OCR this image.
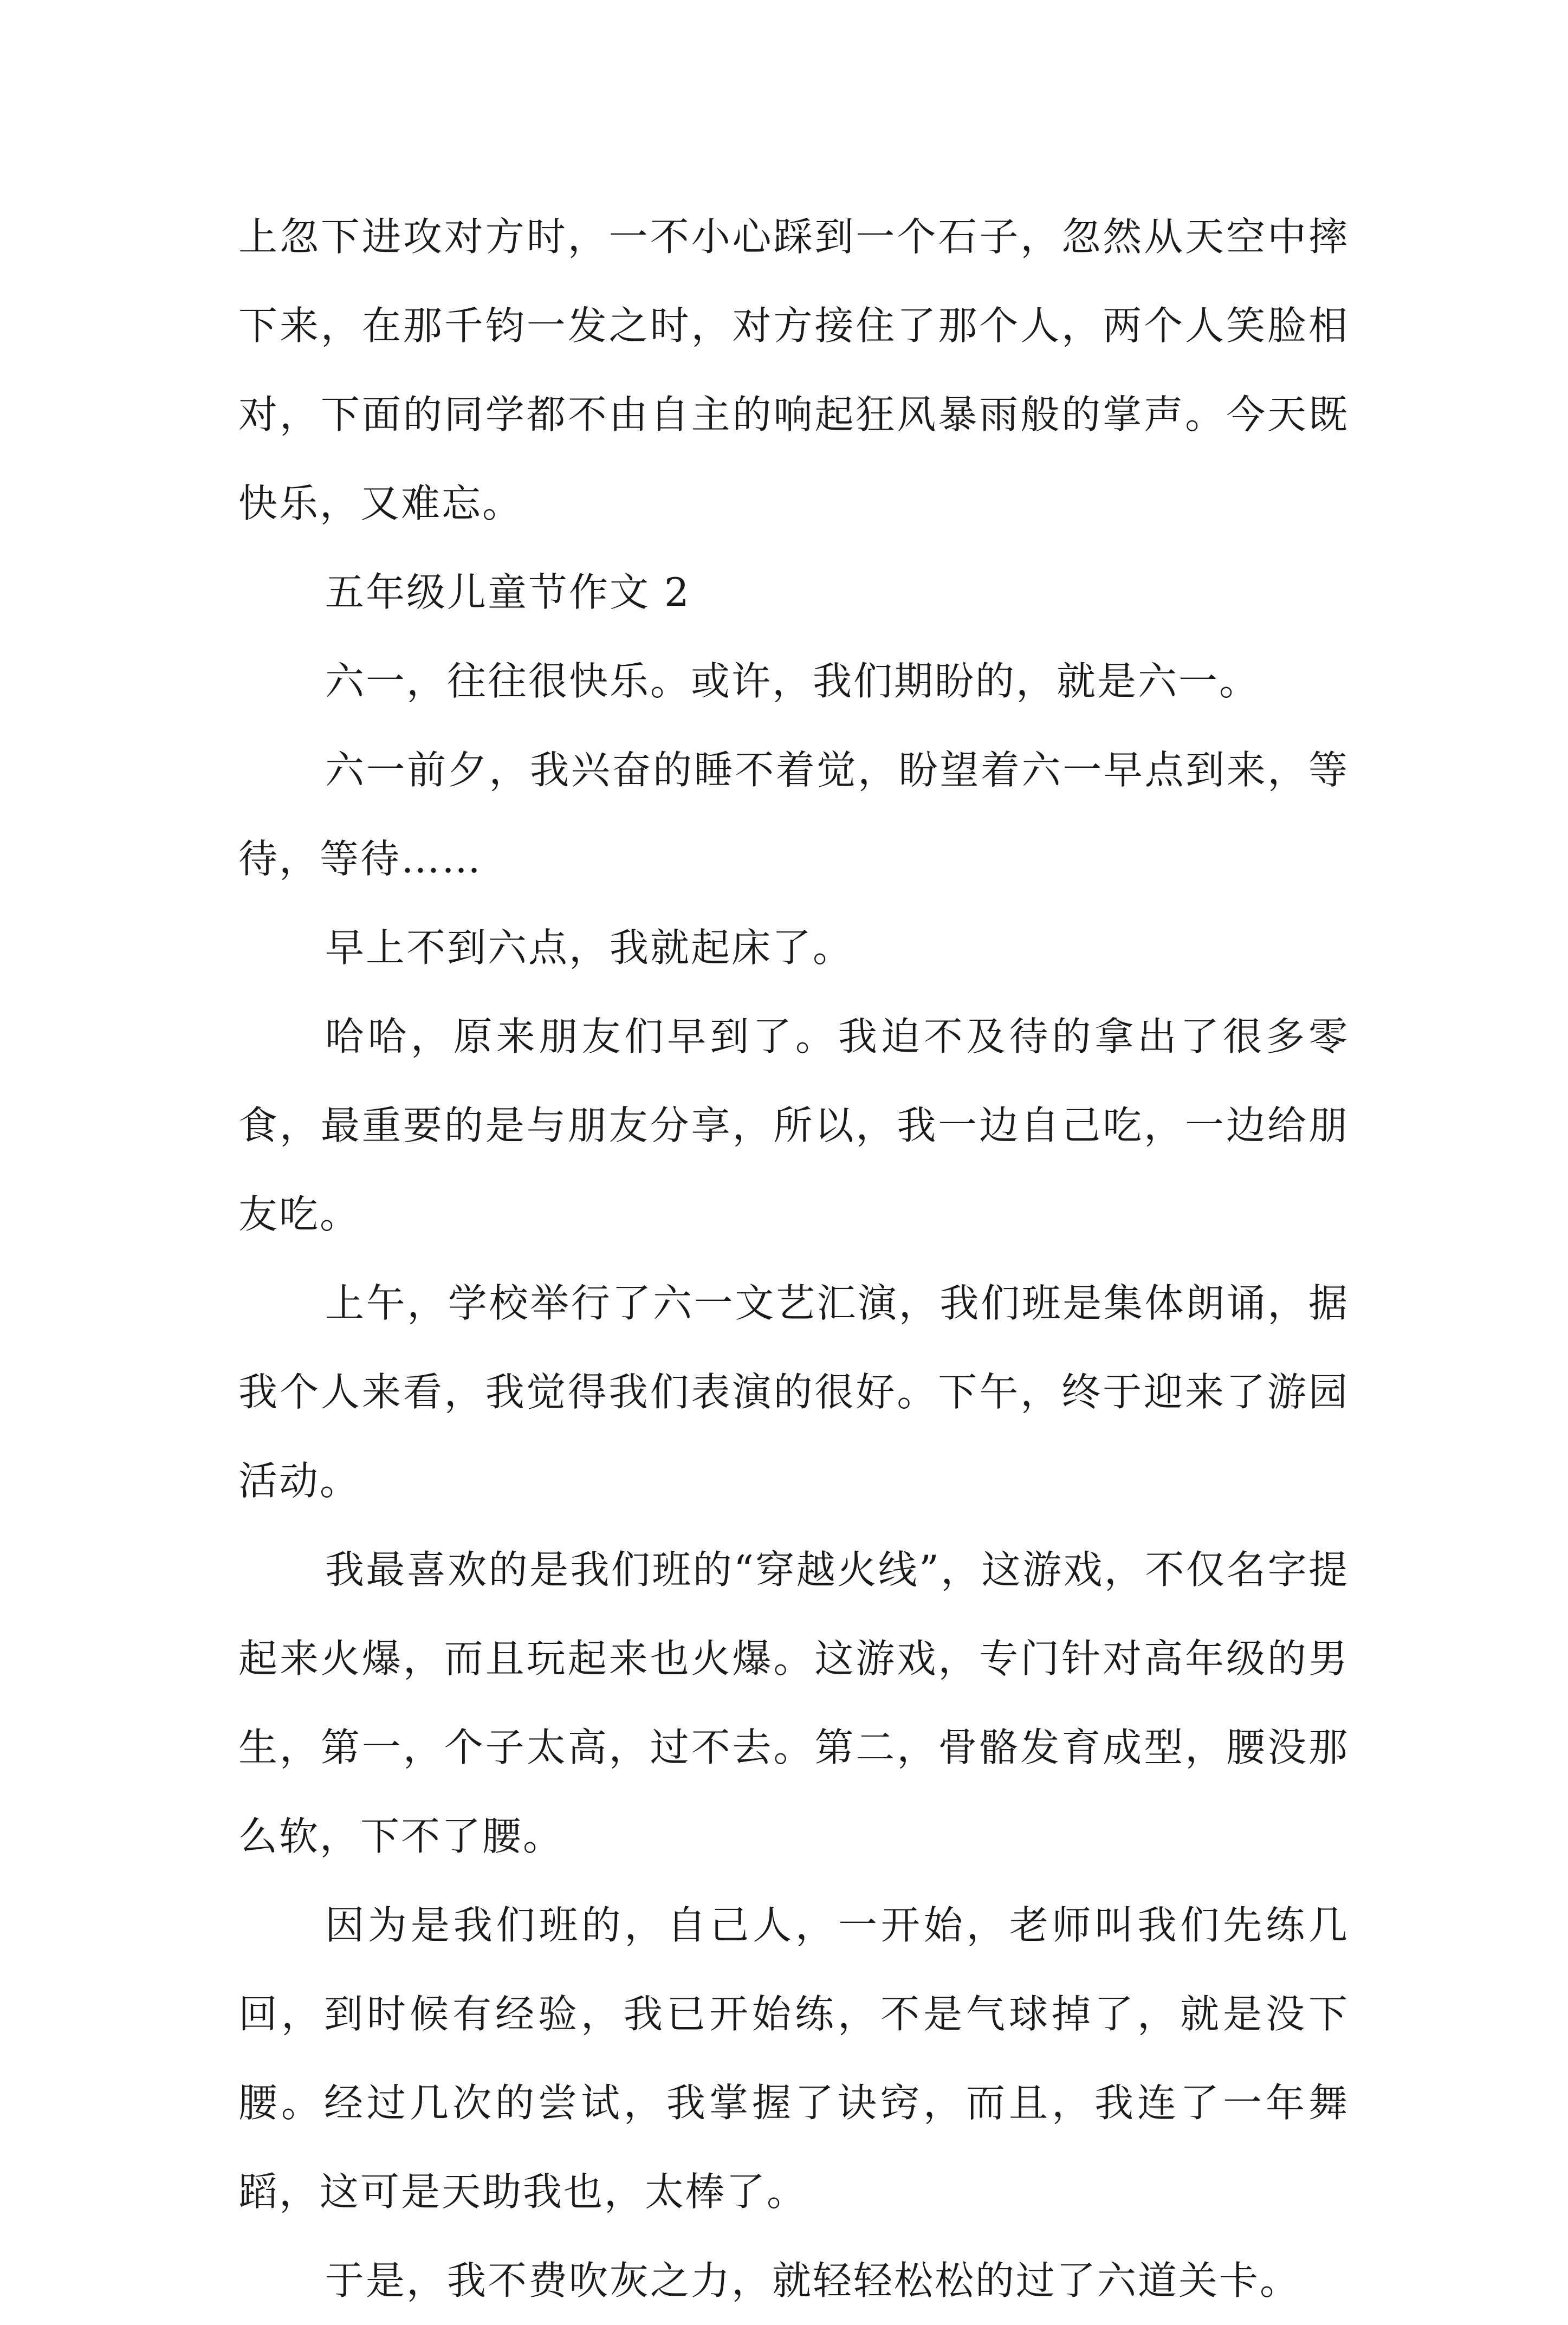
上忽下进攻对方时，一不小心踩到一个石子，忽然从天空中摔下来，在那千钧一发之时，对方接住了那个人，两个人笑脸相对，下面的同学都不由自主的响起狂风暴雨般的掌声。今天既快乐，又难忘。

五年级儿童节作文 2

六一，往往很快乐。或许，我们期盼的，就是六一。

六一前夕，我兴奋的睡不着觉，盼望着六一早点到来，等待，等待……

早上不到六点，我就起床了。

哈哈，原来朋友们早到了。我迫不及待的拿出了很多零食，最重要的是与朋友分享，所以，我一边自己吃，一边给朋友吃。

上午，学校举行了六一文艺汇演，我们班是集体朗诵，据我个人来看，我觉得我们表演的很好。下午，终于迎来了游园活动。

我最喜欢的是我们班的“穿越火线”，这游戏，不仅名字提起来火爆，而且玩起来也火爆。这游戏，专门针对高年级的男生，第一，个子太高，过不去。第二，骨骼发育成型，腰没那么软，下不了腰。

因为是我们班的，自己人，一开始，老师叫我们先练几回，到时候有经验，我已开始练，不是气球掉了，就是没下腰。经过几次的尝试，我掌握了诀窍，而且，我连了一年舞蹈，这可是天助我也，太棒了。

于是，我不费吹灰之力，就轻轻松松的过了六道关卡。
